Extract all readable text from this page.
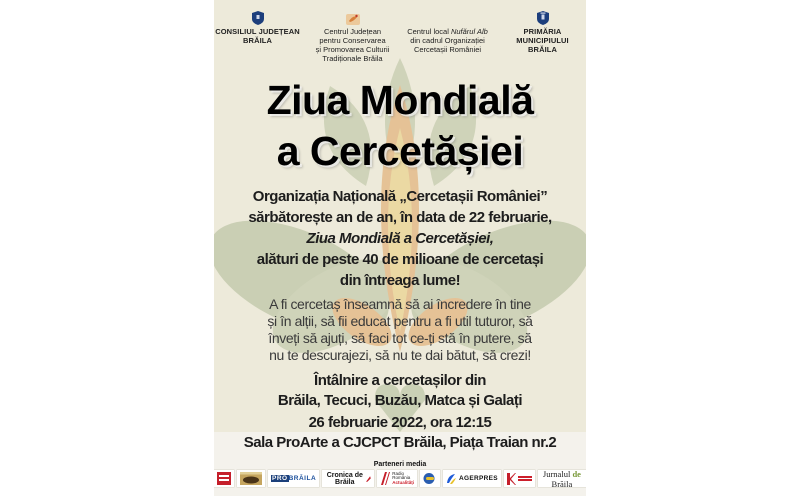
CONSILIUL JUDEȚEAN
BRĂILA
Centrul Județean
pentru Conservarea
și Promovarea Culturii
Tradiționale Brăila
Centrul local Nufărul Alb
din cadrul Organizației
Cercetașii României
PRIMĂRIA MUNICIPIULUI
BRĂILA
Ziua Mondială
a Cercetășiei
Organizația Națională „Cercetașii României”
sărbătorește an de an, în data de 22 februarie,
Ziua Mondială a Cercetășiei,
alături de peste 40 de milioane de cercetași
din întreaga lume!
A fi cercetaș înseamnă să ai încredere în tine
și în alții, să fii educat pentru a fi util tuturor, să
înveți să ajuți, să faci tot ce-ți stă în putere, să
nu te descurajezi, să nu te dai bătut, să crezi!
Întâlnire a cercetașilor din
Brăila, Tecuci, Buzău, Matca și Galați
26 februarie 2022, ora 12:15
Sala ProArte a CJCPCT Brăila, Piața Traian nr.2
Parteneri media
PROBRĂILA Cronica de Brăila
Radio
România
Actualități
AGERPRES	Jurnalul de Brăila
